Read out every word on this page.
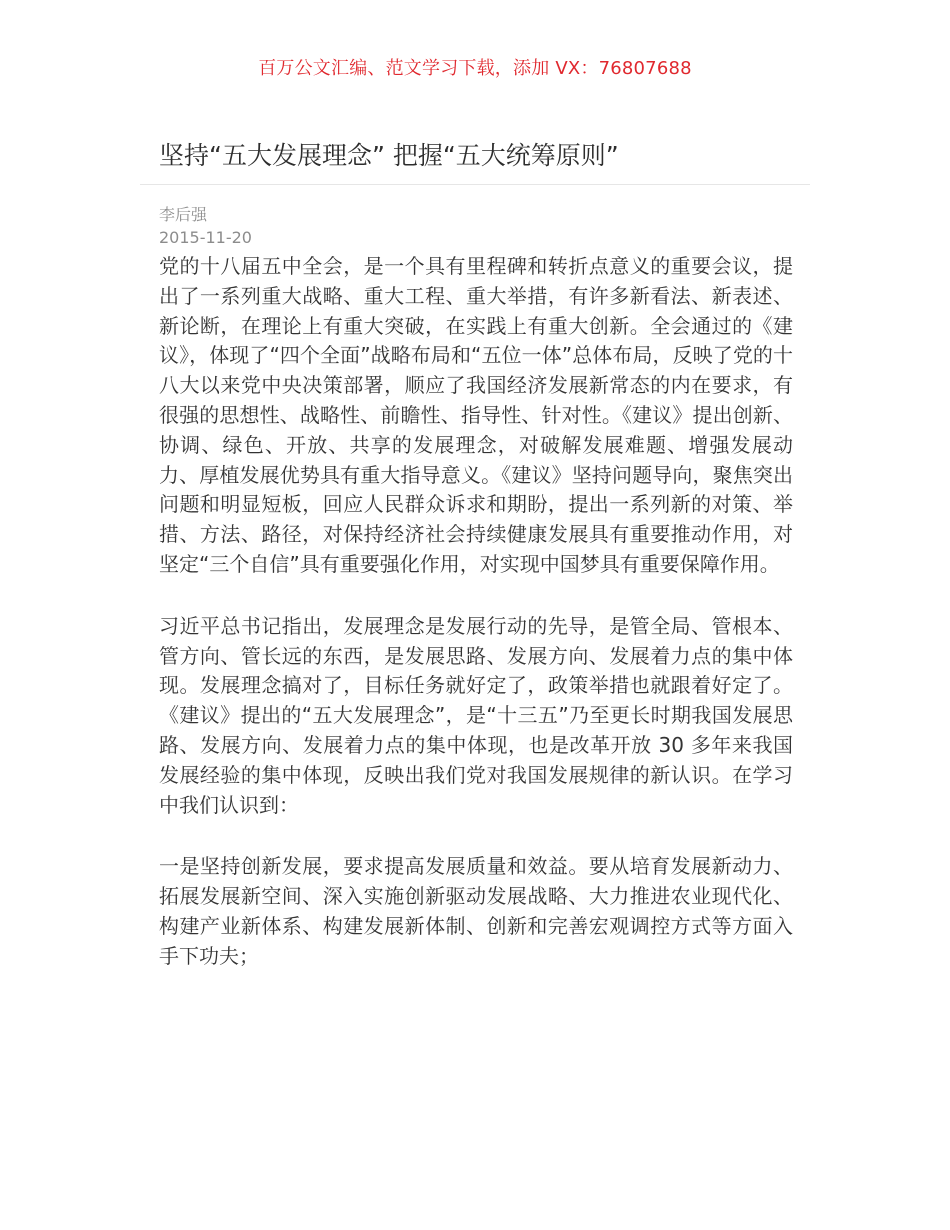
百万公文汇编、范文学习下载，添加 VX：76807688
坚持“五大发展理念” 把握“五大统筹原则”
李后强
2015-11-20

党的十八届五中全会，是一个具有里程碑和转折点意义的重要会议，提出了一系列重大战略、重大工程、重大举措，有许多新看法、新表述、新论断，在理论上有重大突破，在实践上有重大创新。全会通过的《建议》，体现了“四个全面”战略布局和“五位一体”总体布局，反映了党的十八大以来党中央决策部署，顺应了我国经济发展新常态的内在要求，有很强的思想性、战略性、前瞻性、指导性、针对性。《建议》提出创新、协调、绿色、开放、共享的发展理念，对破解发展难题、增强发展动力、厚植发展优势具有重大指导意义。《建议》坚持问题导向，聚焦突出问题和明显短板，回应人民群众诉求和期盼，提出一系列新的对策、举措、方法、路径，对保持经济社会持续健康发展具有重要推动作用，对坚定“三个自信”具有重要强化作用，对实现中国梦具有重要保障作用。

习近平总书记指出，发展理念是发展行动的先导，是管全局、管根本、管方向、管长远的东西，是发展思路、发展方向、发展着力点的集中体现。发展理念搞对了，目标任务就好定了，政策举措也就跟着好定了。《建议》提出的“五大发展理念”，是“十三五”乃至更长时期我国发展思路、发展方向、发展着力点的集中体现，也是改革开放 30 多年来我国发展经验的集中体现，反映出我们党对我国发展规律的新认识。在学习中我们认识到：

一是坚持创新发展，要求提高发展质量和效益。要从培育发展新动力、拓展发展新空间、深入实施创新驱动发展战略、大力推进农业现代化、构建产业新体系、构建发展新体制、创新和完善宏观调控方式等方面入手下功夫；
